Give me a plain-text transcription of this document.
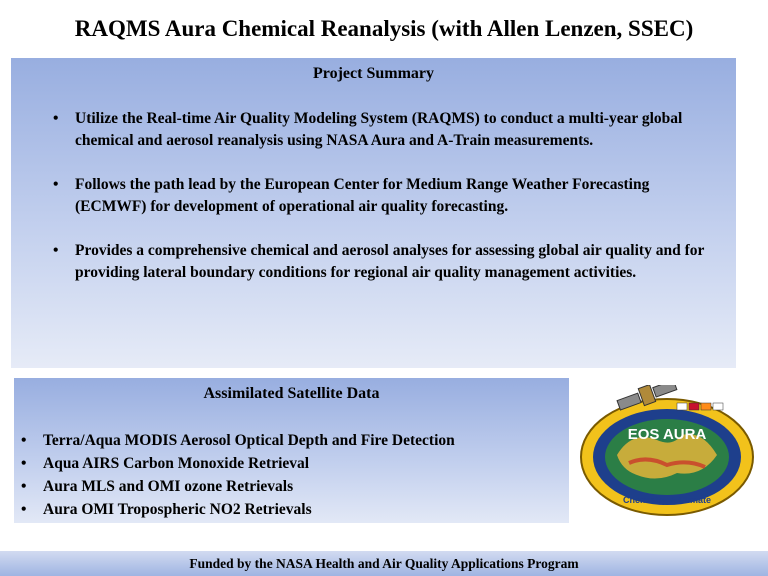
RAQMS Aura Chemical Reanalysis (with Allen Lenzen, SSEC)
Project Summary
• Utilize the Real-time Air Quality Modeling System (RAQMS) to conduct a multi-year global chemical and aerosol reanalysis using NASA Aura and A-Train measurements.
• Follows the path lead by the European Center for Medium Range Weather Forecasting (ECMWF) for development of operational air quality forecasting.
• Provides a comprehensive chemical and aerosol analyses for assessing global air quality and for providing lateral boundary conditions for regional air quality management activities.
Assimilated Satellite Data
• Terra/Aqua MODIS Aerosol Optical Depth and Fire Detection
• Aqua AIRS Carbon Monoxide Retrieval
• Aura MLS and OMI ozone Retrievals
• Aura OMI Tropospheric NO2 Retrievals
EOS AURA
Chemistry & Climate
Funded by the NASA Health and Air Quality Applications Program
